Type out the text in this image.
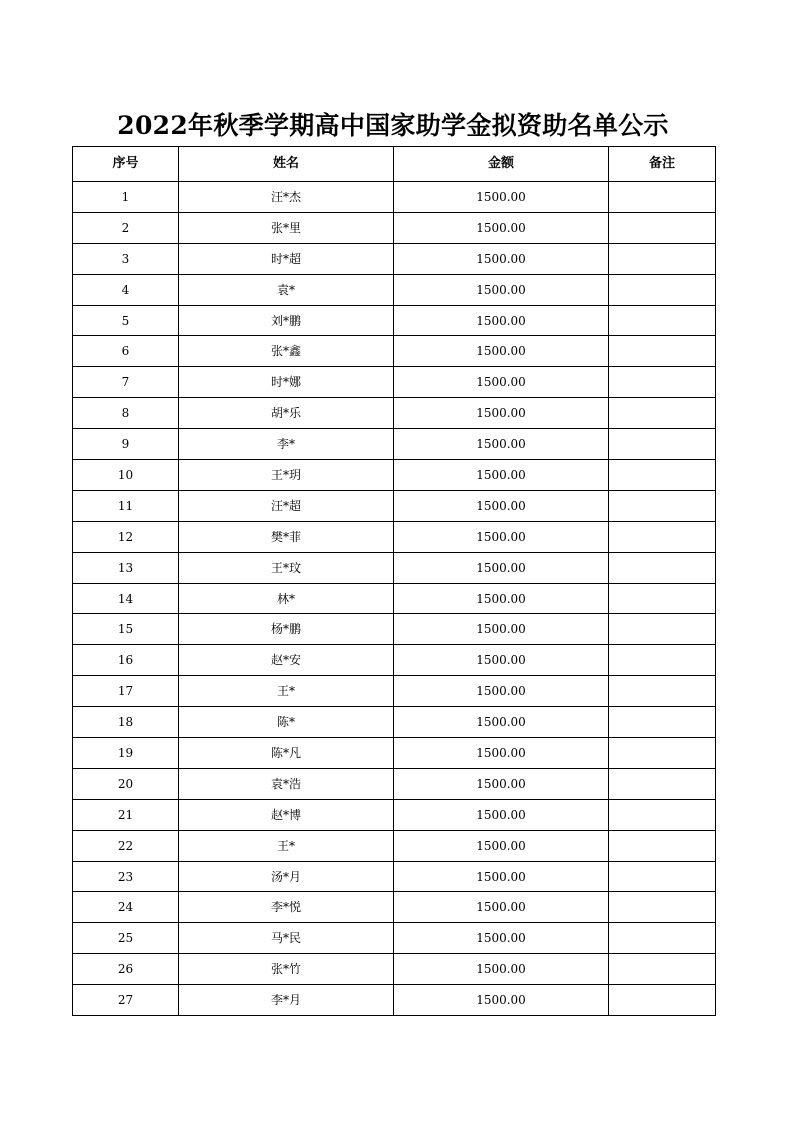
2022年秋季学期高中国家助学金拟资助名单公示
序号	姓名	金额	备注
1	汪*杰	1500.00	
2	张*里	1500.00	
3	时*超	1500.00	
4	袁*	1500.00	
5	刘*鹏	1500.00	
6	张*鑫	1500.00	
7	时*娜	1500.00	
8	胡*乐	1500.00	
9	李*	1500.00	
10	王*玥	1500.00	
11	汪*超	1500.00	
12	樊*菲	1500.00	
13	王*玟	1500.00	
14	林*	1500.00	
15	杨*鹏	1500.00	
16	赵*安	1500.00	
17	王*	1500.00	
18	陈*	1500.00	
19	陈*凡	1500.00	
20	袁*浩	1500.00	
21	赵*博	1500.00	
22	王*	1500.00	
23	汤*月	1500.00	
24	李*悦	1500.00	
25	马*民	1500.00	
26	张*竹	1500.00	
27	李*月	1500.00	
